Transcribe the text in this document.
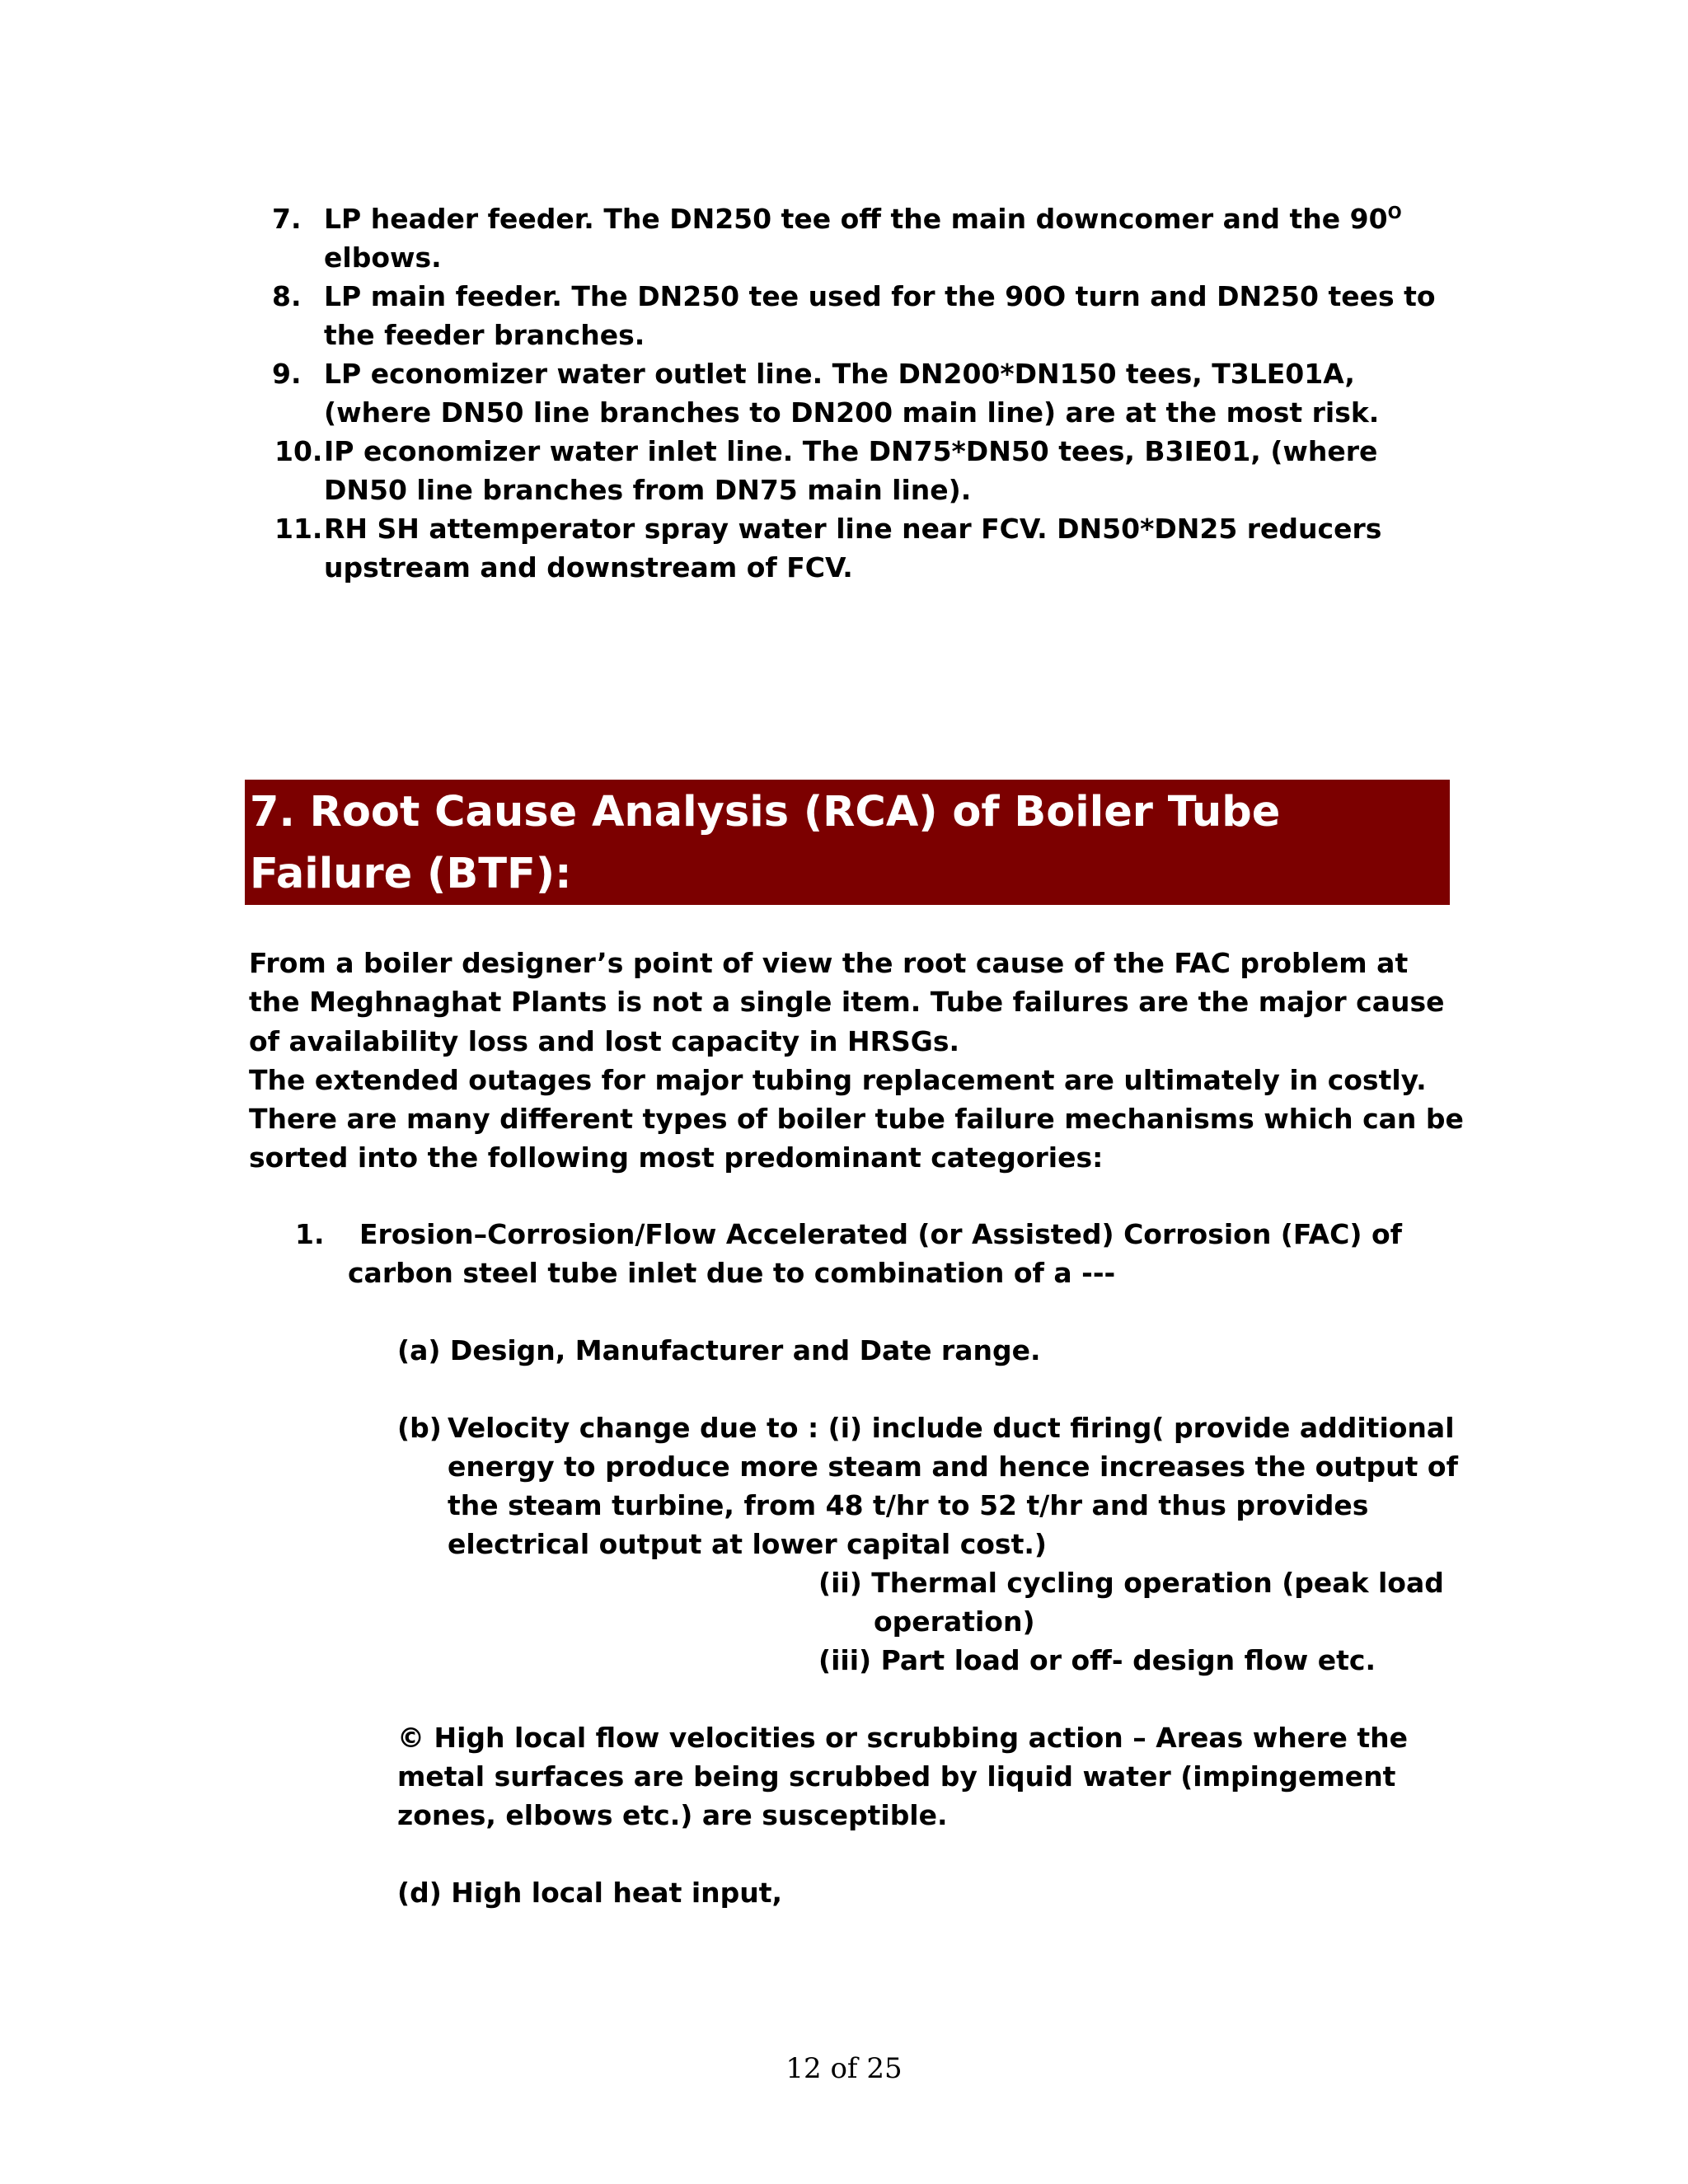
7. LP header feeder. The DN250 tee off the main downcomer and the $90^O$
elbows.
8. LP main feeder. The DN250 tee used for the 90O turn and DN250 tees to
the feeder branches.
9. LP economizer water outlet line. The DN200*DN150 tees, T3LE01A,
(where DN50 line branches to DN200 main line) are at the most risk.
10. IP economizer water inlet line. The DN75*DN50 tees, B3IE01, (where
DN50 line branches from DN75 main line).
11. RH SH attemperator spray water line near FCV. DN50*DN25 reducers
upstream and downstream of FCV.
7. Root Cause Analysis (RCA) of Boiler Tube
Failure (BTF):
From a boiler designer’s point of view the root cause of the FAC problem at
the Meghnaghat Plants is not a single item. Tube failures are the major cause
of availability loss and lost capacity in HRSGs.
The extended outages for major tubing replacement are ultimately in costly.
There are many different types of boiler tube failure mechanisms which can be
sorted into the following most predominant categories:
1. Erosion–Corrosion/Flow Accelerated (or Assisted) Corrosion (FAC) of
carbon steel tube inlet due to combination of a ---
(a) Design, Manufacturer and Date range.
(b) Velocity change due to : (i) include duct firing( provide additional
energy to produce more steam and hence increases the output of
the steam turbine, from 48 t/hr to 52 t/hr and thus provides
electrical output at lower capital cost.)
(ii) Thermal cycling operation (peak load
operation)
(iii) Part load or off- design flow etc.
© High local flow velocities or scrubbing action – Areas where the
metal surfaces are being scrubbed by liquid water (impingement
zones, elbows etc.) are susceptible.
(d) High local heat input,
12 of 25
